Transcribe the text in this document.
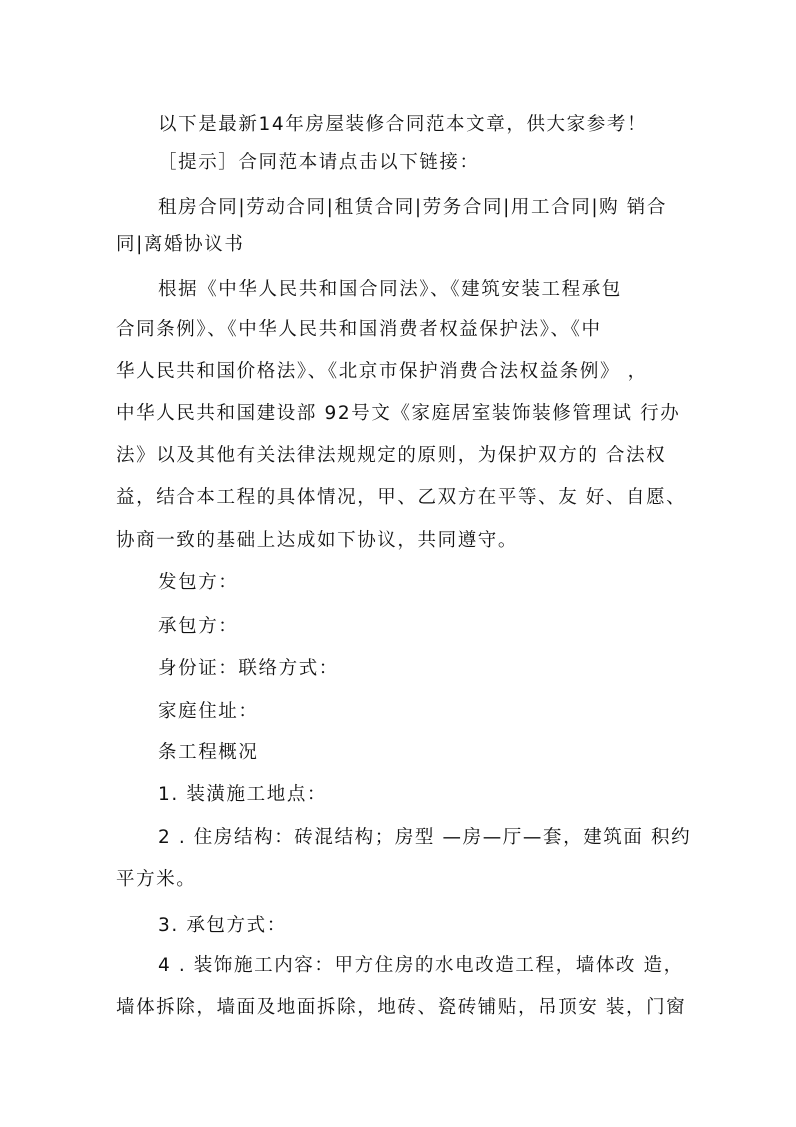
以下是最新14年房屋装修合同范本文章，供大家参考！
［提示］合同范本请点击以下链接：
租房合同|劳动合同|租赁合同|劳务合同|用工合同|购 销合
同|离婚协议书
根据《中华人民共和国合同法》、《建筑安装工程承包
合同条例》、《中华人民共和国消费者权益保护法》、《中
华人民共和国价格法》、《北京市保护消费合法权益条例》 ，
中华人民共和国建设部 92号文《家庭居室装饰装修管理试 行办
法》以及其他有关法律法规规定的原则，为保护双方的 合法权
益，结合本工程的具体情况，甲、乙双方在平等、友 好、自愿、
协商一致的基础上达成如下协议，共同遵守。
发包方：
承包方：
身份证：联络方式：
家庭住址：
条工程概况
1. 装潢施工地点：
2 . 住房结构：砖混结构；房型 —房—厅—套，建筑面 积约
平方米。
3. 承包方式：
4 . 装饰施工内容：甲方住房的水电改造工程，墙体改 造，
墙体拆除，墙面及地面拆除，地砖、瓷砖铺贴，吊顶安 装，门窗
